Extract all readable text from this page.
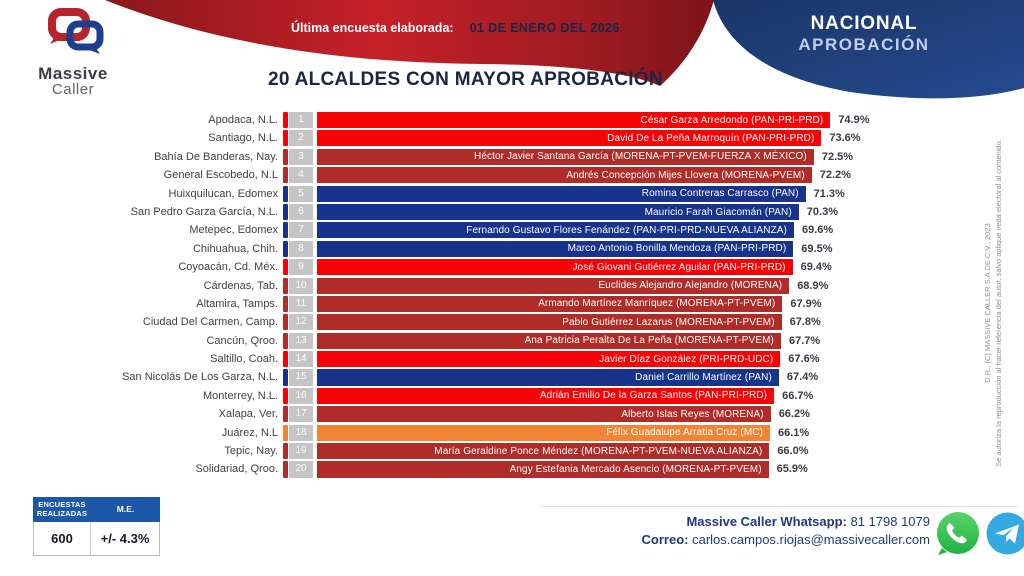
Última encuesta elaborada: 01 DE ENERO DEL 2026	NACIONAL
APROBACIÓN
Massive
Caller	20 ALCALDES CON MAYOR APROBACIÓN
Apodaca, N.L.	1	César Garza Arredondo (PAN-PRI-PRD) 74.9%
Santiago, N.L.	2	David De La Peña Marroquín (PAN-PRI-PRD) 73.6%
Bahía De Banderas, Nay.	3	Héctor Javier Santana García (MORENA-PT-PVEM-FUERZA X MÉXICO) 72.5%
General Escobedo, N.L	4	Andrés Concepción Mijes Llovera (MORENA-PVEM) 72.2%
Huixquilucan, Edomex	5	Romina Contreras Carrasco (PAN) 71.3%
San Pedro Garza García, N.L.	6	Mauricio Farah Giacomán (PAN) 70.3%
Metepec, Edomex	7	Fernando Gustavo Flores Fenández (PAN-PRI-PRD-NUEVA ALIANZA) 69.6%
Chihuahua, Chih.	8	Marco Antonio Bonilla Mendoza (PAN-PRI-PRD) 69.5%
Coyoacán, Cd. Méx.	9	José Giovani Gutiérrez Aguilar (PAN-PRI-PRD) 69.4%
Cárdenas, Tab.	10	Euclides Alejandro Alejandro (MORENA) 68.9%
Altamira, Tamps.	11	Armando Martínez Manríquez (MORENA-PT-PVEM) 67.9%
Ciudad Del Carmen, Camp.	12	Pablo Gutiérrez Lazarus (MORENA-PT-PVEM) 67.8%
Cancún, Qroo.	13	Ana Patricia Peralta De La Peña (MORENA-PT-PVEM) 67.7%
Saltillo, Coah.	14	Javier Díaz González (PRI-PRD-UDC) 67.6%
San Nicolás De Los Garza, N.L.	15	Daniel Carrillo Martínez (PAN) 67.4%
Monterrey, N.L.	16	Adrián Emilio De la Garza Santos (PAN-PRI-PRD) 66.7%
Xalapa, Ver.	17	Alberto Islas Reyes (MORENA) 66.2%
Juárez, N.L	18	Félix Guadalupe Arratia Cruz (MC) 66.1%
Tepic, Nay.	19	María Geraldine Ponce Méndez (MORENA-PT-PVEM-NUEVA ALIANZA) 66.0%
Solidariad, Qroo.	20	Angy Estefania Mercado Asencio (MORENA-PT-PVEM) 65.9%
ENCUESTAS REALIZADAS	M.E.
600	+/- 4.3%
Massive Caller Whatsapp: 81 1798 1079
Correo: carlos.campos.riojas@massivecaller.com
D.R., (C) MASSIVE CALLER S.A DE C.V., 2023 Se autoriza la reproducción al hacer referencia del autor, salvo aplique veda electoral al contenido.
